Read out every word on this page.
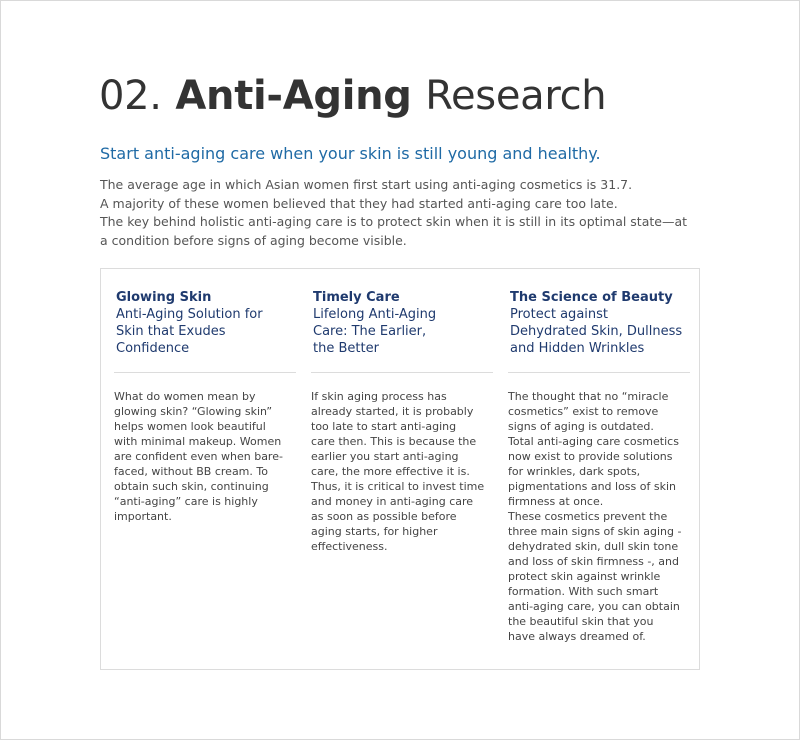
02. Anti-Aging Research
Start anti-aging care when your skin is still young and healthy.

The average age in which Asian women first start using anti-aging cosmetics is 31.7.

A majority of these women believed that they had started anti-aging care too late.

The key behind holistic anti-aging care is to protect skin when it is still in its optimal state—at

a condition before signs of aging become visible.

Glowing Skin
Anti-Aging Solution for
Skin that Exudes
Confidence
What do women mean by
glowing skin? “Glowing skin”
helps women look beautiful
with minimal makeup. Women
are confident even when bare-
faced, without BB cream. To
obtain such skin, continuing
“anti-aging” care is highly
important.
Timely Care
Lifelong Anti-Aging
Care: The Earlier,
the Better
If skin aging process has
already started, it is probably
too late to start anti-aging
care then. This is because the
earlier you start anti-aging
care, the more effective it is.
Thus, it is critical to invest time
and money in anti-aging care
as soon as possible before
aging starts, for higher
effectiveness.
The Science of Beauty
Protect against
Dehydrated Skin, Dullness
and Hidden Wrinkles
The thought that no “miracle
cosmetics” exist to remove
signs of aging is outdated.
Total anti-aging care cosmetics
now exist to provide solutions
for wrinkles, dark spots,
pigmentations and loss of skin
firmness at once.
These cosmetics prevent the
three main signs of skin aging -
dehydrated skin, dull skin tone
and loss of skin firmness -, and
protect skin against wrinkle
formation. With such smart
anti-aging care, you can obtain
the beautiful skin that you
have always dreamed of.
